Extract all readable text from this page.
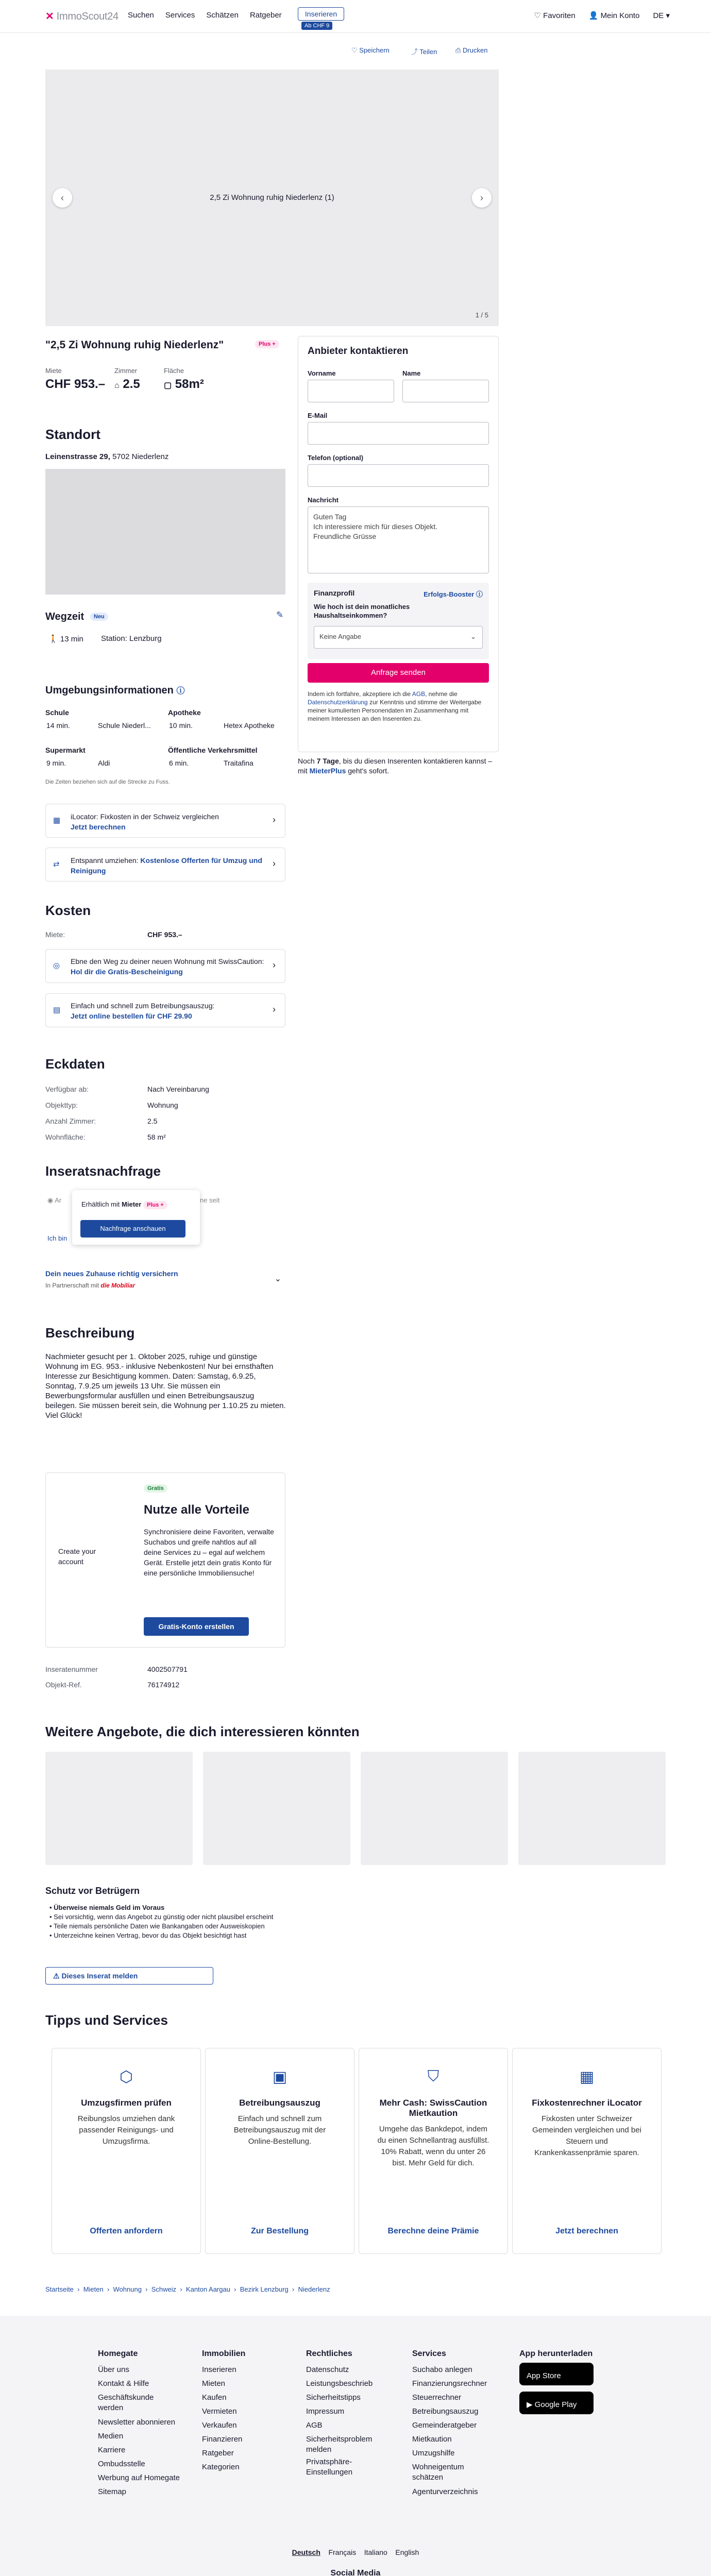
✕ ImmoScout24 Suchen Services Schätzen Ratgeber	Inserieren
Ab CHF 9
♡ Favoriten 👤 Mein Konto DE ▾
♡ Speichern	⤴ Teilen	⎙ Drucken
2,5 Zi Wohnung ruhig Niederlenz (1)
‹	›
1 / 5
"2,5 Zi Wohnung ruhig Niederlenz"	Plus +
Miete
CHF 953.–
Zimmer
⌂ 2.5
Fläche
▢ 58m²
Standort
Leinenstrasse 29, 5702 Niederlenz
Wegzeit	Neu	✎
🚶 13 min Station: Lenzburg
Umgebungsinformationen ⓘ
Schule
14 min.	Schule Niederl...
Apotheke
10 min.	Hetex Apotheke
Supermarkt
9 min.	Aldi
Öffentliche Verkehrsmittel
6 min.	Traitafina
Die Zeiten beziehen sich auf die Strecke zu Fuss.
▦ iLocator: Fixkosten in der Schweiz vergleichen
Jetzt berechnen
›
⇄ Entspannt umziehen: Kostenlose Offerten für Umzug und Reinigung
›
Kosten
Miete:	CHF 953.–
◎ Ebne den Weg zu deiner neuen Wohnung mit SwissCaution: Hol dir die Gratis-Bescheinigung
›
▤ Einfach und schnell zum Betreibungsauszug:
Jetzt online bestellen für CHF 29.90
›
Eckdaten
Verfügbar ab:	Nach Vereinbarung
Objekttyp:	Wohnung
Anzahl Zimmer:	2.5
Wohnfläche:	58 m²
Inseratsnachfrage
◉ Ar	ne seit
Ich bin
Erhältlich mit Mieter Plus +
Nachfrage anschauen
Dein neues Zuhause richtig versichern
In Partnerschaft mit die Mobiliar
⌄
Beschreibung
Nachmieter gesucht per 1. Oktober 2025, ruhige und günstige Wohnung im EG. 953.- inklusive Nebenkosten! Nur bei ernsthaften Interesse zur Besichtigung kommen. Daten: Samstag, 6.9.25, Sonntag, 7.9.25 um jeweils 13 Uhr. Sie müssen ein Bewerbungsformular ausfüllen und einen Betreibungsauszug beilegen. Sie müssen bereit sein, die Wohnung per 1.10.25 zu mieten. Viel Glück!
Create your account
Gratis
Nutze alle Vorteile
Synchronisiere deine Favoriten, verwalte Suchabos und greife nahtlos auf all deine Services zu – egal auf welchem Gerät. Erstelle jetzt dein gratis Konto für eine persönliche Immobiliensuche!
Gratis-Konto erstellen
Inseratenummer	4002507791
Objekt-Ref.	76174912
Anbieter kontaktieren
Vorname	Name
E-Mail
Telefon (optional)
Nachricht
Guten Tag
Ich interessiere mich für dieses Objekt.
Freundliche Grüsse
Finanzprofil	Erfolgs-Booster ⓘ
Wie hoch ist dein monatliches Haushaltseinkommen?
Keine Angabe	⌄
Anfrage senden
Indem ich fortfahre, akzeptiere ich die AGB, nehme die Datenschutzerklärung zur Kenntnis und stimme der Weitergabe meiner kumulierten Personendaten im Zusammenhang mit meinem Interessen an den Inserenten zu.
Noch 7 Tage, bis du diesen Inserenten kontaktieren kannst – mit MieterPlus geht's sofort.
Weitere Angebote, die dich interessieren könnten
Schutz vor Betrügern
• Überweise niemals Geld im Voraus
• Sei vorsichtig, wenn das Angebot zu günstig oder nicht plausibel erscheint
• Teile niemals persönliche Daten wie Bankangaben oder Ausweiskopien
• Unterzeichne keinen Vertrag, bevor du das Objekt besichtigt hast
⚠ Dieses Inserat melden
Tipps und Services
⬡
Umzugsfirmen prüfen

Reibungslos umziehen dank passender Reinigungs- und Umzugsfirma.

Offerten anfordern
▣
Betreibungsauszug

Einfach und schnell zum Betreibungsauszug mit der Online-Bestellung.

Zur Bestellung
⛉
Mehr Cash: SwissCaution Mietkaution

Umgehe das Bankdepot, indem du einen Schnellantrag ausfüllst. 10% Rabatt, wenn du unter 26 bist. Mehr Geld für dich.

Berechne deine Prämie
▦
Fixkostenrechner iLocator

Fixkosten unter Schweizer Gemeinden vergleichen und bei Steuern und Krankenkassenprämie sparen.

Jetzt berechnen
Startseite  ›  Mieten  ›  Wohnung  ›  Schweiz  ›  Kanton Aargau  ›  Bezirk Lenzburg  ›  Niederlenz
Homegate
Über uns
Kontakt & Hilfe
Geschäftskunde werden
Newsletter abonnieren
Medien
Karriere
Ombudsstelle
Werbung auf Homegate
Sitemap
Immobilien
Inserieren
Mieten
Kaufen
Vermieten
Verkaufen
Finanzieren
Ratgeber
Kategorien
Rechtliches
Datenschutz
Leistungsbeschrieb
Sicherheitstipps
Impressum
AGB
Sicherheitsproblem melden
Privatsphäre-Einstellungen
Services
Suchabo anlegen
Finanzierungsrechner
Steuerrechner
Betreibungsauszug
Gemeinderatgeber
Mietkaution
Umzugshilfe
Wohneigentum schätzen
Agenturverzeichnis
App herunterladen
App Store
▶ Google Play
Deutsch Français Italiano English
Social Media
